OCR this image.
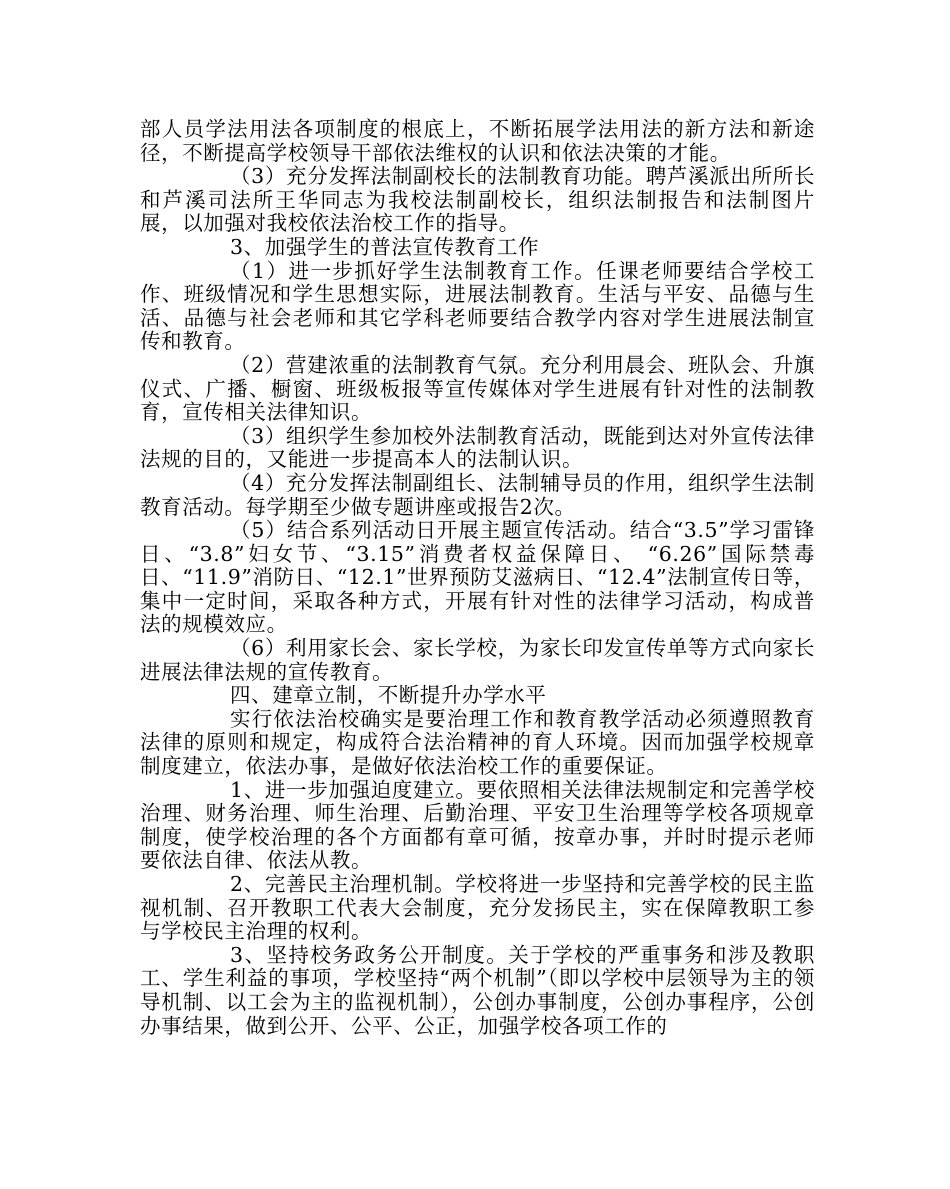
部人员学法用法各项制度的根底上，不断拓展学法用法的新方法和新途径，不断提高学校领导干部依法维权的认识和依法决策的才能。

（3）充分发挥法制副校长的法制教育功能。聘芦溪派出所所长和芦溪司法所王华同志为我校法制副校长，组织法制报告和法制图片展，以加强对我校依法治校工作的指导。

3、加强学生的普法宣传教育工作

（1）进一步抓好学生法制教育工作。任课老师要结合学校工作、班级情况和学生思想实际，进展法制教育。生活与平安、品德与生活、品德与社会老师和其它学科老师要结合教学内容对学生进展法制宣传和教育。

（2）营建浓重的法制教育气氛。充分利用晨会、班队会、升旗仪式、广播、橱窗、班级板报等宣传媒体对学生进展有针对性的法制教育，宣传相关法律知识。

（3）组织学生参加校外法制教育活动，既能到达对外宣传法律法规的目的，又能进一步提高本人的法制认识。

（4）充分发挥法制副组长、法制辅导员的作用，组织学生法制教育活动。每学期至少做专题讲座或报告2次。

（5）结合系列活动日开展主题宣传活动。结合“3.5”学习雷锋日、“3.8”妇女节、“3.15”消费者权益保障日、 “6.26”国际禁毒日、“11.9”消防日、“12.1”世界预防艾滋病日、“12.4”法制宣传日等，集中一定时间，采取各种方式，开展有针对性的法律学习活动，构成普法的规模效应。

（6）利用家长会、家长学校，为家长印发宣传单等方式向家长进展法律法规的宣传教育。

四、建章立制，不断提升办学水平

实行依法治校确实是要治理工作和教育教学活动必须遵照教育法律的原则和规定，构成符合法治精神的育人环境。因而加强学校规章制度建立，依法办事，是做好依法治校工作的重要保证。

1、进一步加强迫度建立。要依照相关法律法规制定和完善学校治理、财务治理、师生治理、后勤治理、平安卫生治理等学校各项规章制度，使学校治理的各个方面都有章可循，按章办事，并时时提示老师要依法自律、依法从教。

2、完善民主治理机制。学校将进一步坚持和完善学校的民主监视机制、召开教职工代表大会制度，充分发扬民主，实在保障教职工参与学校民主治理的权利。

3、坚持校务政务公开制度。关于学校的严重事务和涉及教职工、学生利益的事项，学校坚持“两个机制”（即以学校中层领导为主的领导机制、以工会为主的监视机制），公创办事制度，公创办事程序，公创办事结果，做到公开、公平、公正，加强学校各项工作的
